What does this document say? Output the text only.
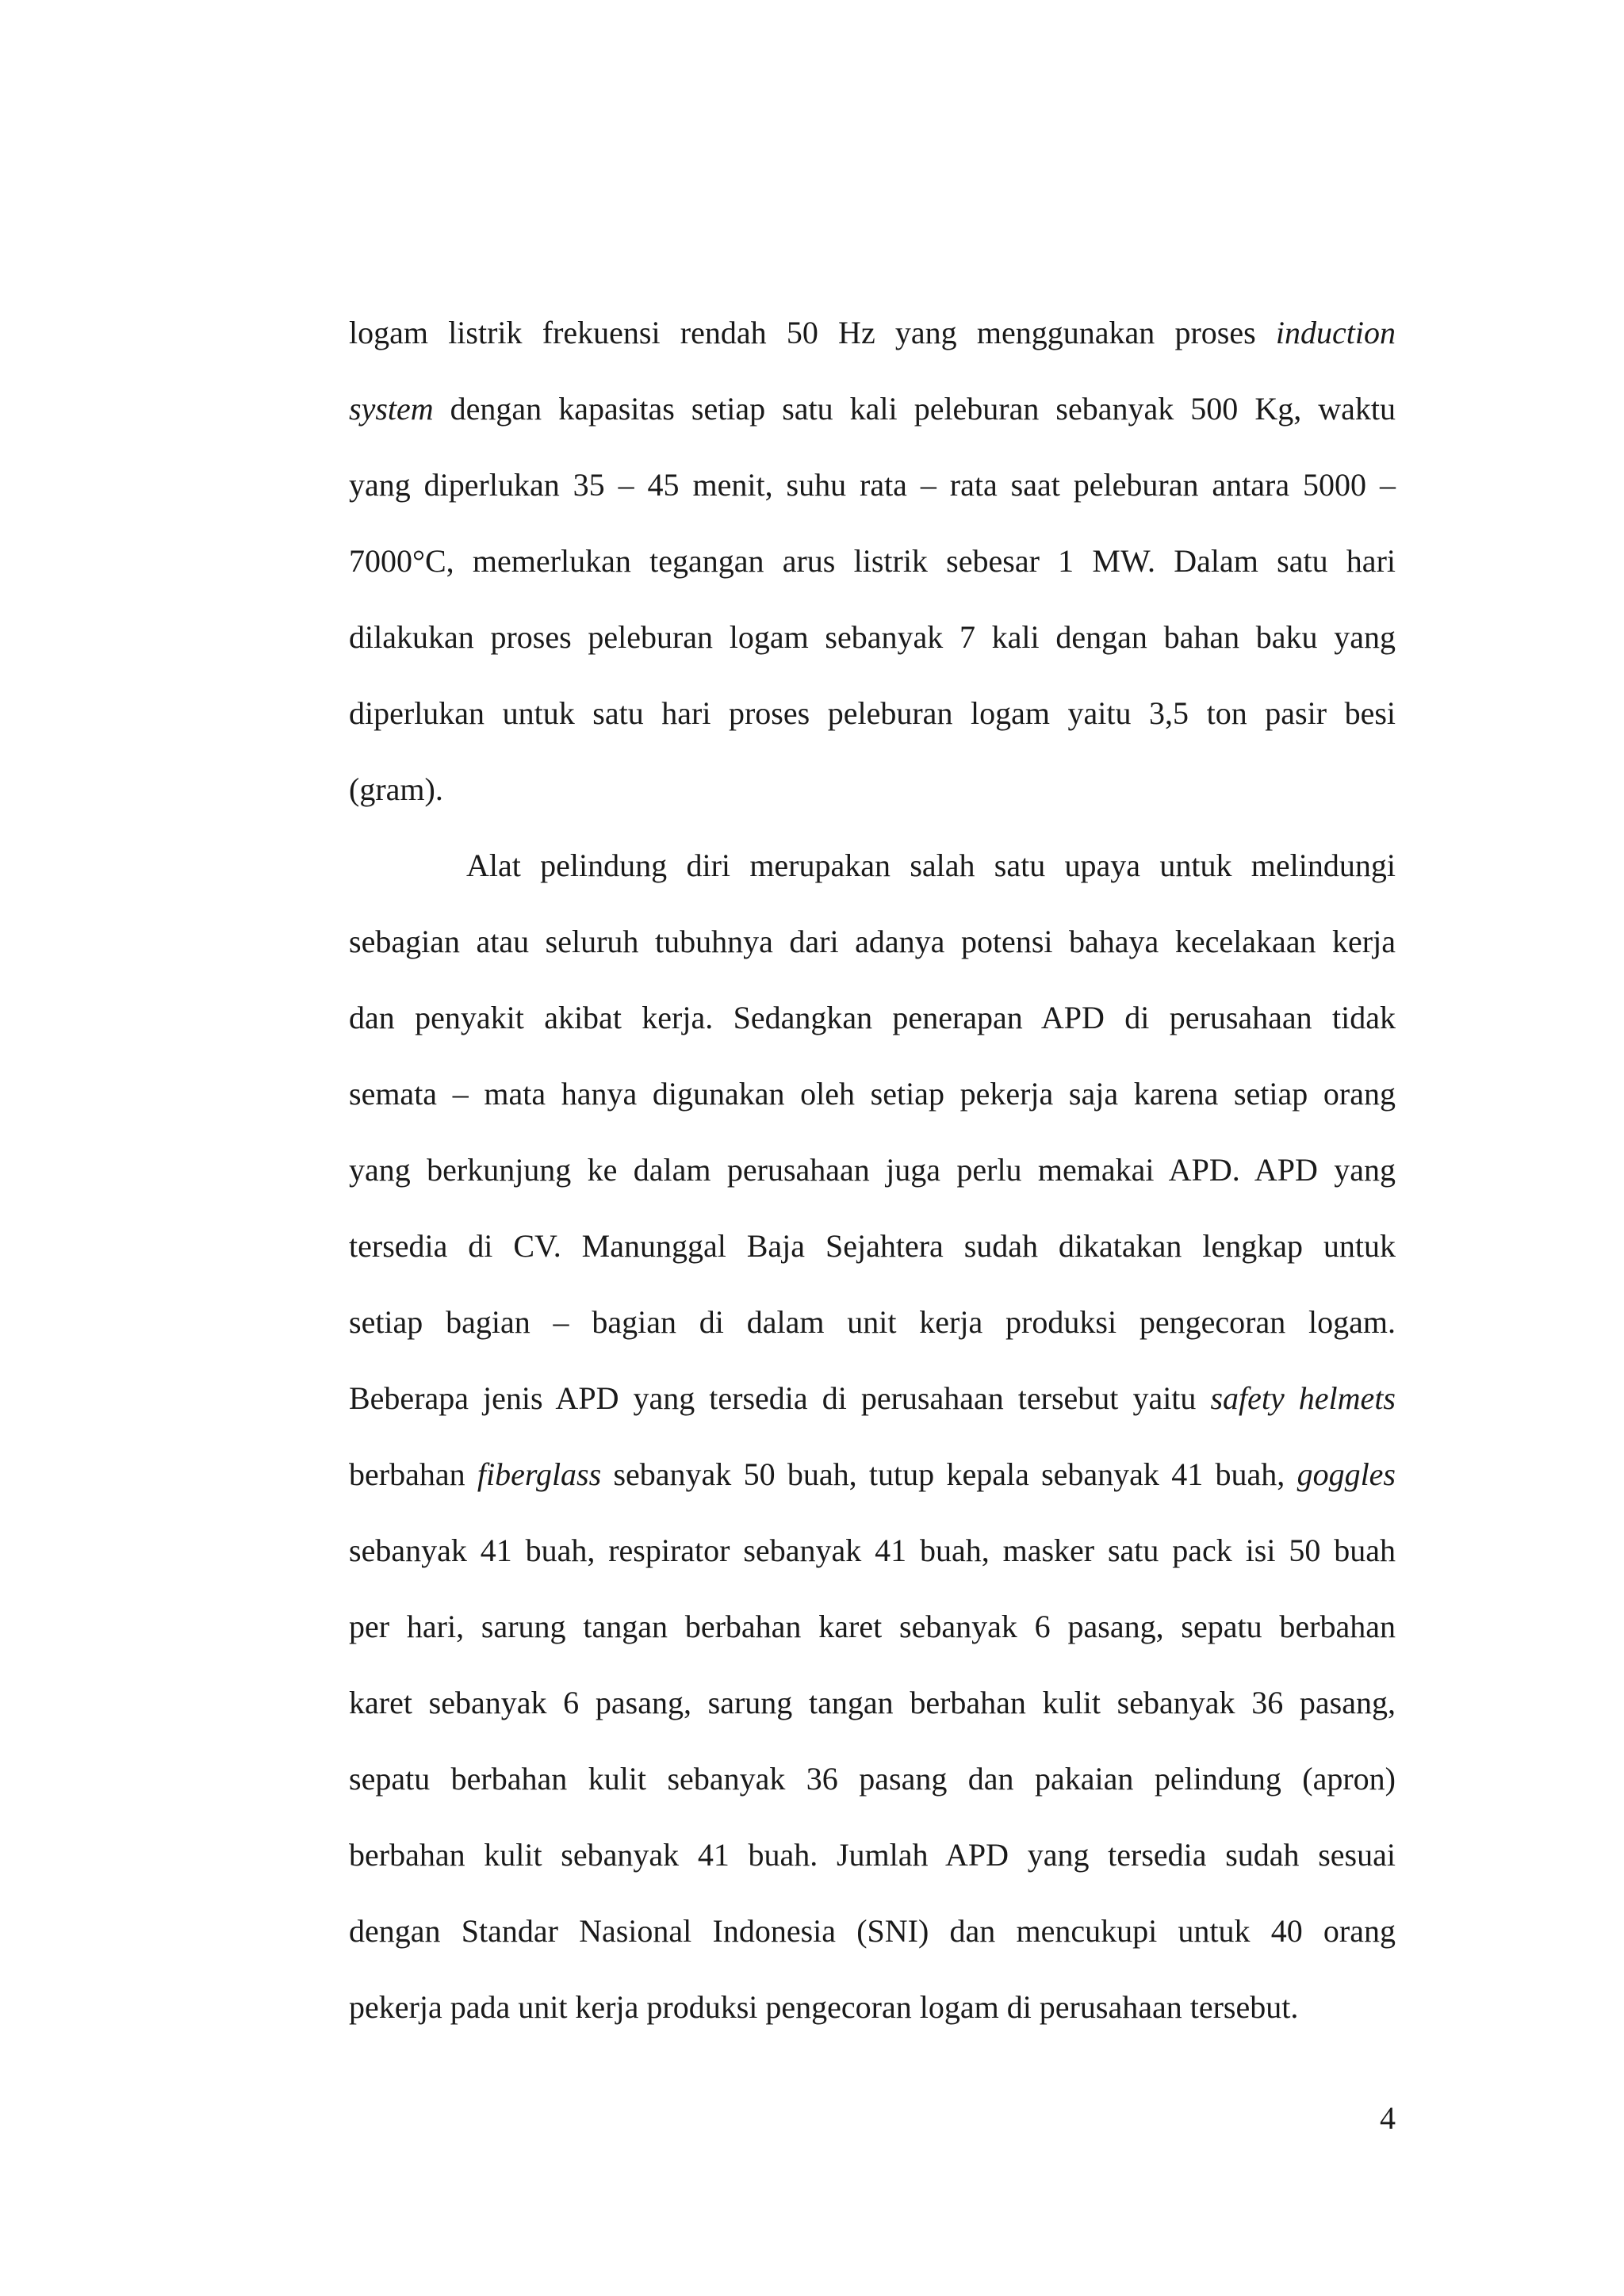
logam listrik frekuensi rendah 50 Hz yang menggunakan proses induction
system dengan kapasitas setiap satu kali peleburan sebanyak 500 Kg, waktu
yang diperlukan 35 – 45 menit, suhu rata – rata saat peleburan antara 5000 –
7000°C, memerlukan tegangan arus listrik sebesar 1 MW. Dalam satu hari
dilakukan proses peleburan logam sebanyak 7 kali dengan bahan baku yang
diperlukan untuk satu hari proses peleburan logam yaitu 3,5 ton pasir besi
(gram).
Alat pelindung diri merupakan salah satu upaya untuk melindungi
sebagian atau seluruh tubuhnya dari adanya potensi bahaya kecelakaan kerja
dan penyakit akibat kerja. Sedangkan penerapan APD di perusahaan tidak
semata – mata hanya digunakan oleh setiap pekerja saja karena setiap orang
yang berkunjung ke dalam perusahaan juga perlu memakai APD. APD yang
tersedia di CV. Manunggal Baja Sejahtera sudah dikatakan lengkap untuk
setiap bagian – bagian di dalam unit kerja produksi pengecoran logam.
Beberapa jenis APD yang tersedia di perusahaan tersebut yaitu safety helmets
berbahan fiberglass sebanyak 50 buah, tutup kepala sebanyak 41 buah, goggles
sebanyak 41 buah, respirator sebanyak 41 buah, masker satu pack isi 50 buah
per hari, sarung tangan berbahan karet sebanyak 6 pasang, sepatu berbahan
karet sebanyak 6 pasang, sarung tangan berbahan kulit sebanyak 36 pasang,
sepatu berbahan kulit sebanyak 36 pasang dan pakaian pelindung (apron)
berbahan kulit sebanyak 41 buah. Jumlah APD yang tersedia sudah sesuai
dengan Standar Nasional Indonesia (SNI) dan mencukupi untuk 40 orang
pekerja pada unit kerja produksi pengecoran logam di perusahaan tersebut.
4
